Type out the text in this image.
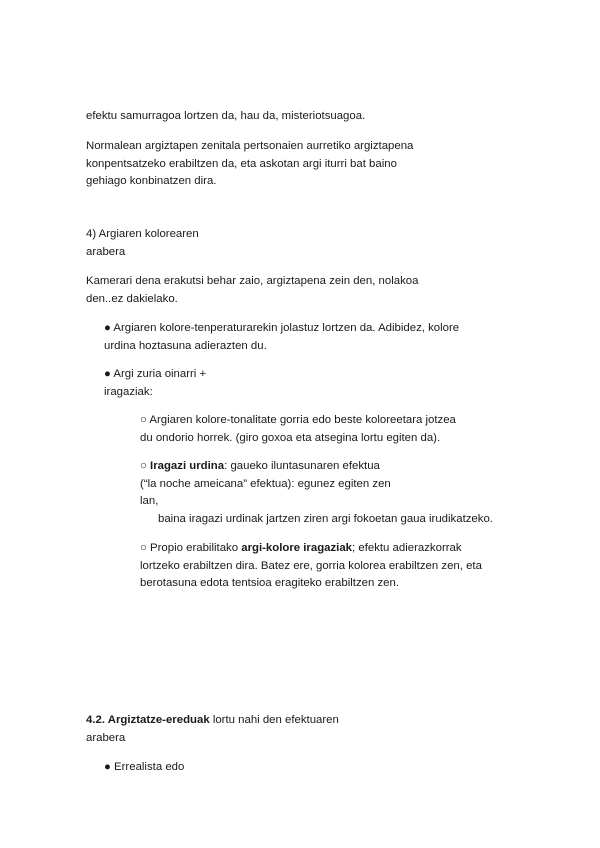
efektu samurragoa lortzen da, hau da, misteriotsuagoa.
Normalean argiztapen zenitala pertsonaien aurretiko argiztapena
konpentsatzeko erabiltzen da, eta askotan argi iturri bat baino
gehiago konbinatzen dira.
4) Argiaren kolorearen
arabera
Kamerari dena erakutsi behar zaio, argiztapena zein den, nolakoa
den..ez dakielako.
● Argiaren kolore-tenperaturarekin jolastuz lortzen da. Adibidez, kolore
urdina hoztasuna adierazten du.
● Argi zuria oinarri +
iragaziak:
○ Argiaren kolore-tonalitate gorria edo beste koloreetara jotzea
du ondorio horrek. (giro goxoa eta atsegina lortu egiten da).
○ Iragazi urdina: gaueko iluntasunaren efektua
(“la noche ameicana” efektua): egunez egiten zen
lan,
baina iragazi urdinak jartzen ziren argi fokoetan gaua irudikatzeko.
○ Propio erabilitako argi-kolore iragaziak; efektu adierazkorrak
lortzeko erabiltzen dira. Batez ere, gorria kolorea erabiltzen zen, eta
berotasuna edota tentsioa eragiteko erabiltzen zen.
4.2. Argiztatze-ereduak lortu nahi den efektuaren
arabera
● Errealista edo
